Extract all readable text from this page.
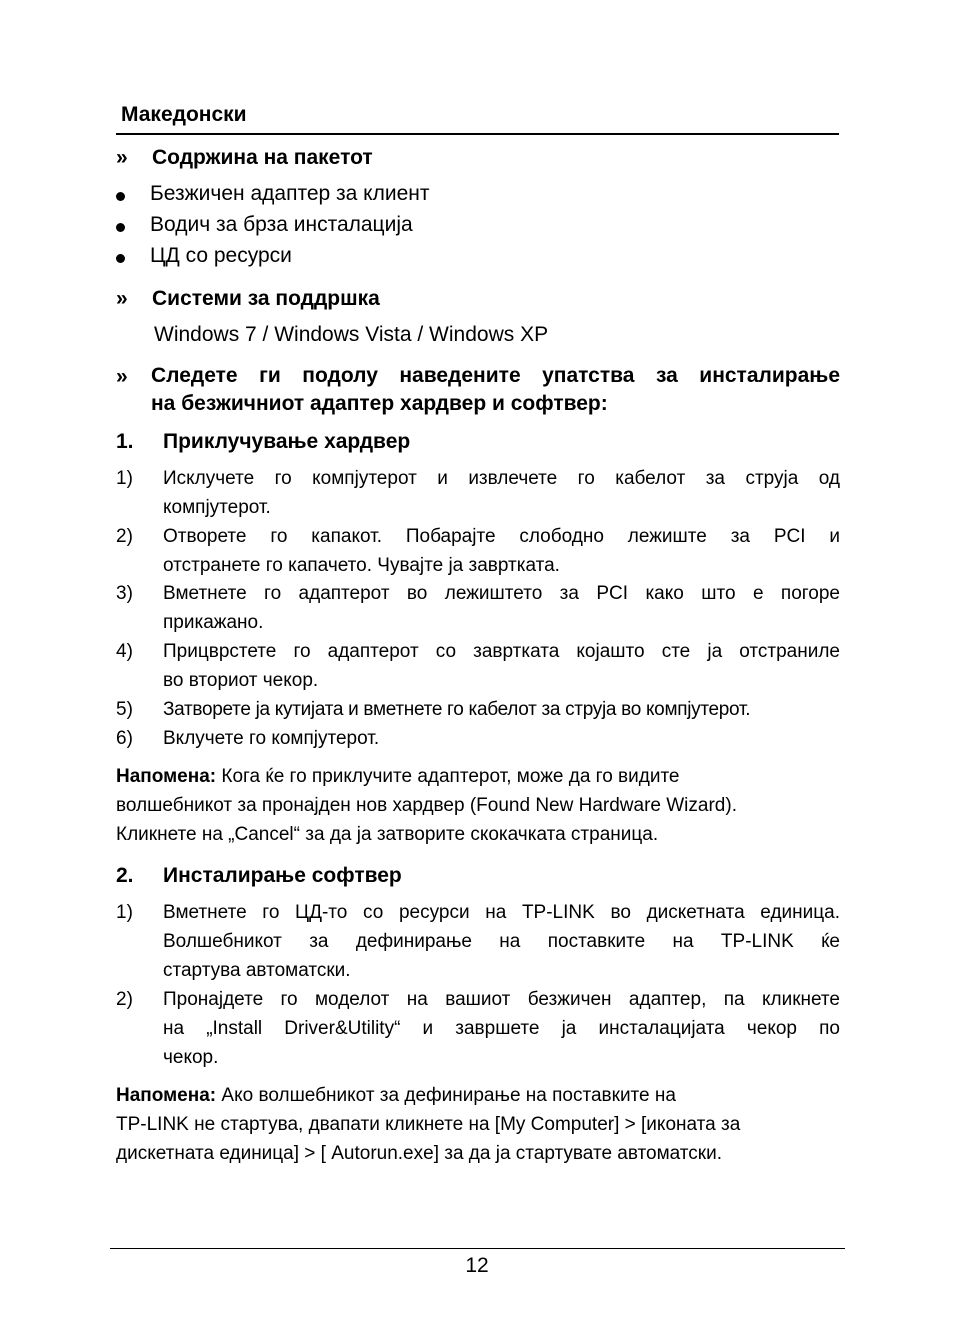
Македонски
» Содржина на пакетот
Безжичен адаптер за клиент
Водич за брза инсталација
ЦД со ресурси
» Системи за поддршка
Windows 7 / Windows Vista / Windows XP
» Следете ги подолу наведените упатства за инсталирање
на безжичниот адаптер хардвер и софтвер:
1. Приклучување хардвер
1) Исклучете го компјутерот и извлечете го кабелот за струја од
компјутерот.
2) Отворете го капакот. Побарајте слободно лежиште за PCI и
отстранете го капачето. Чувајте ја завртката.
3) Вметнете го адаптерот во лежиштето за PCI како што е погоре
прикажано.
4) Прицврстете го адаптерот со завртката којашто сте ја отстраниле
во вториот чекор.
5) Затворете ја кутијата и вметнете го кабелот за струја во компјутерот.
6) Вклучете го компјутерот.
Напомена: Кога ќе го приклучите адаптерот, може да го видите
волшебникот за пронајден нов хардвер (Found New Hardware Wizard).
Кликнете на „Cancel“ за да ја затворите скокачката страница.
2. Инсталирање софтвер
1) Вметнете го ЦД-то со ресурси на TP-LINK во дискетната единица.
Волшебникот за дефинирање на поставките на TP-LINK ќе
стартува автоматски.
2) Пронајдете го моделот на вашиот безжичен адаптер, па кликнете
на „Install Driver&Utility“ и завршете ја инсталацијата чекор по
чекор.
Напомена: Ако волшебникот за дефинирање на поставките на
TP-LINK не стартува, двапати кликнете на [My Computer] > [иконата за
дискетната единица] > [ Autorun.exe] за да ја стартувате автоматски.
12
